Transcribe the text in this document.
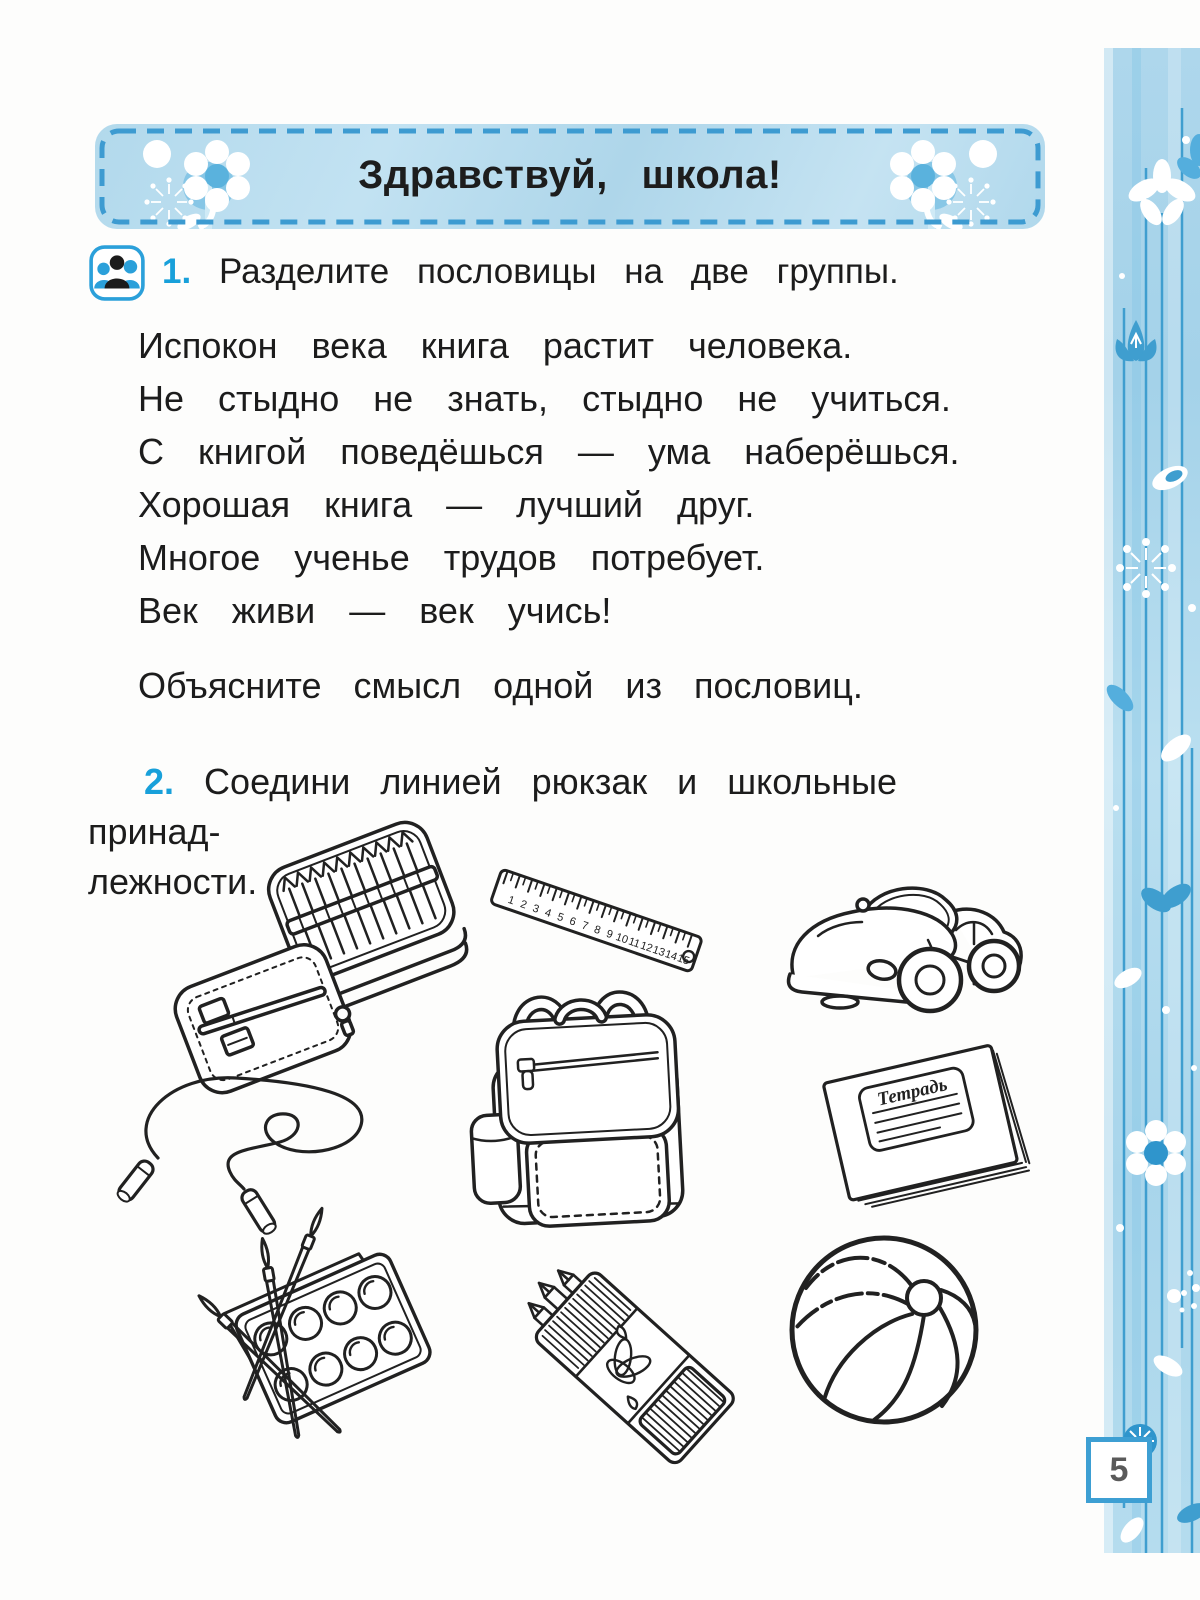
5
Здравствуй, школа!

1. Разделите пословицы на две группы.

Испокон века книга растит человека.

Не стыдно не знать, стыдно не учиться.

С книгой поведёшься — ума наберёшься.

Хорошая книга — лучший друг.

Многое ученье трудов потребует.

Век живи — век учись!

Объясните смысл одной из пословиц.

2. Соедини линией рюкзак и школьные принад-
лежности.	1 2 3 4 5 6 7 8 9 10
11
12
13
14
15
Тетрадь
